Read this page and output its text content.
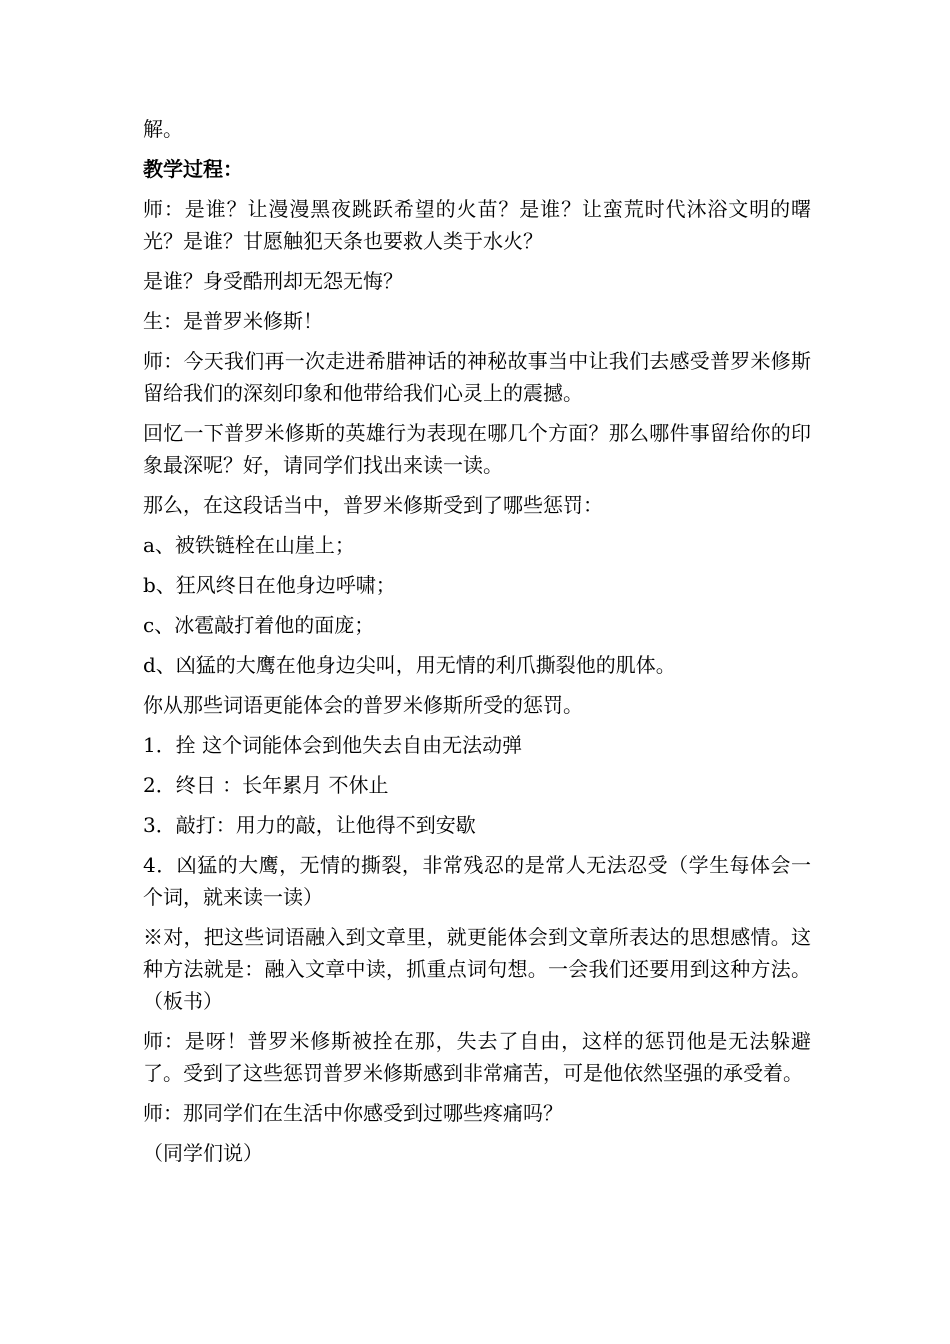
解。

教学过程：

师：是谁？让漫漫黑夜跳跃希望的火苗？是谁？让蛮荒时代沐浴文明的曙光？是谁？甘愿触犯天条也要救人类于水火？

是谁？身受酷刑却无怨无悔？

生：是普罗米修斯！

师：今天我们再一次走进希腊神话的神秘故事当中让我们去感受普罗米修斯留给我们的深刻印象和他带给我们心灵上的震撼。

回忆一下普罗米修斯的英雄行为表现在哪几个方面？那么哪件事留给你的印象最深呢？好，请同学们找出来读一读。

那么，在这段话当中，普罗米修斯受到了哪些惩罚：

a、被铁链栓在山崖上；

b、狂风终日在他身边呼啸；

c、冰雹敲打着他的面庞；

d、凶猛的大鹰在他身边尖叫，用无情的利爪撕裂他的肌体。

你从那些词语更能体会的普罗米修斯所受的惩罚。

1．拴 这个词能体会到他失去自由无法动弹

2．终日 ：长年累月 不休止

3．敲打：用力的敲，让他得不到安歇

4．凶猛的大鹰，无情的撕裂，非常残忍的是常人无法忍受（学生每体会一个词，就来读一读）

※对，把这些词语融入到文章里，就更能体会到文章所表达的思想感情。这种方法就是：融入文章中读，抓重点词句想。一会我们还要用到这种方法。（板书）

师：是呀！普罗米修斯被拴在那，失去了自由，这样的惩罚他是无法躲避了。受到了这些惩罚普罗米修斯感到非常痛苦，可是他依然坚强的承受着。

师：那同学们在生活中你感受到过哪些疼痛吗？

（同学们说）
